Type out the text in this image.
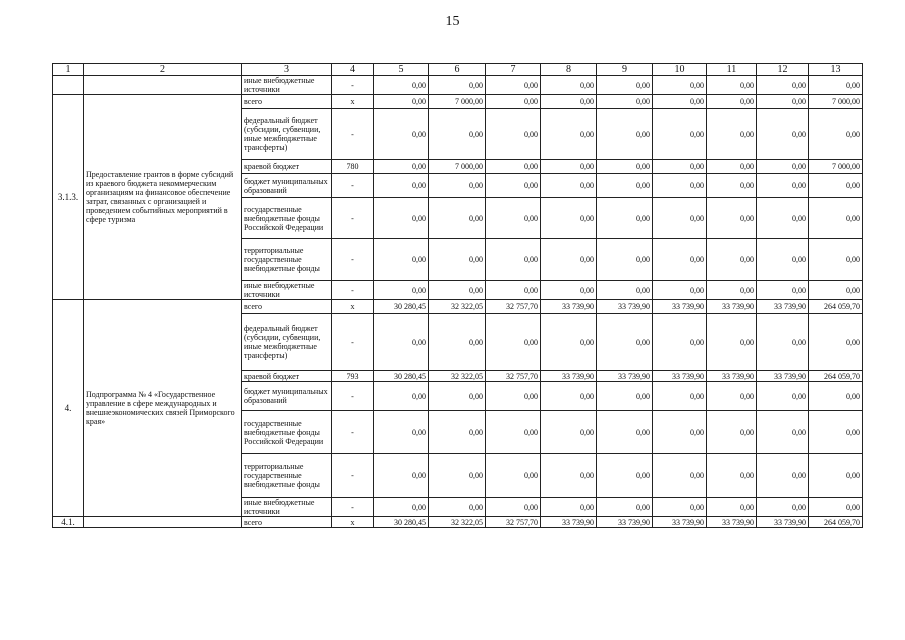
15
1	2	3	4	5	6	7	8	9	10	11	12	13
		иные внебюджетные источники	-	0,00	0,00	0,00	0,00	0,00	0,00	0,00	0,00	0,00
3.1.3.	Предоставление грантов в форме субсидий из краевого бюджета некоммерческим организациям на финансовое обеспечение затрат, связанных с организацией и проведением событийных мероприятий в сфере туризма	всего	x	0,00	7 000,00	0,00	0,00	0,00	0,00	0,00	0,00	7 000,00
		федеральный бюджет (субсидии, субвенции, иные межбюджетные трансферты)	-	0,00	0,00	0,00	0,00	0,00	0,00	0,00	0,00	0,00
		краевой бюджет	780	0,00	7 000,00	0,00	0,00	0,00	0,00	0,00	0,00	7 000,00
		бюджет муниципальных образований	-	0,00	0,00	0,00	0,00	0,00	0,00	0,00	0,00	0,00
		государственные внебюджетные фонды Российской Федерации	-	0,00	0,00	0,00	0,00	0,00	0,00	0,00	0,00	0,00
		территориальные государственные внебюджетные фонды	-	0,00	0,00	0,00	0,00	0,00	0,00	0,00	0,00	0,00
		иные внебюджетные источники	-	0,00	0,00	0,00	0,00	0,00	0,00	0,00	0,00	0,00
4.	Подпрограмма № 4 «Государственное управление в сфере международных и внешнеэкономических связей Приморского края»	всего	x	30 280,45	32 322,05	32 757,70	33 739,90	33 739,90	33 739,90	33 739,90	33 739,90	264 059,70
		федеральный бюджет (субсидии, субвенции, иные межбюджетные трансферты)	-	0,00	0,00	0,00	0,00	0,00	0,00	0,00	0,00	0,00
		краевой бюджет	793	30 280,45	32 322,05	32 757,70	33 739,90	33 739,90	33 739,90	33 739,90	33 739,90	264 059,70
		бюджет муниципальных образований	-	0,00	0,00	0,00	0,00	0,00	0,00	0,00	0,00	0,00
		государственные внебюджетные фонды Российской Федерации	-	0,00	0,00	0,00	0,00	0,00	0,00	0,00	0,00	0,00
		территориальные государственные внебюджетные фонды	-	0,00	0,00	0,00	0,00	0,00	0,00	0,00	0,00	0,00
		иные внебюджетные источники	-	0,00	0,00	0,00	0,00	0,00	0,00	0,00	0,00	0,00
4.1.		всего	x	30 280,45	32 322,05	32 757,70	33 739,90	33 739,90	33 739,90	33 739,90	33 739,90	264 059,70
